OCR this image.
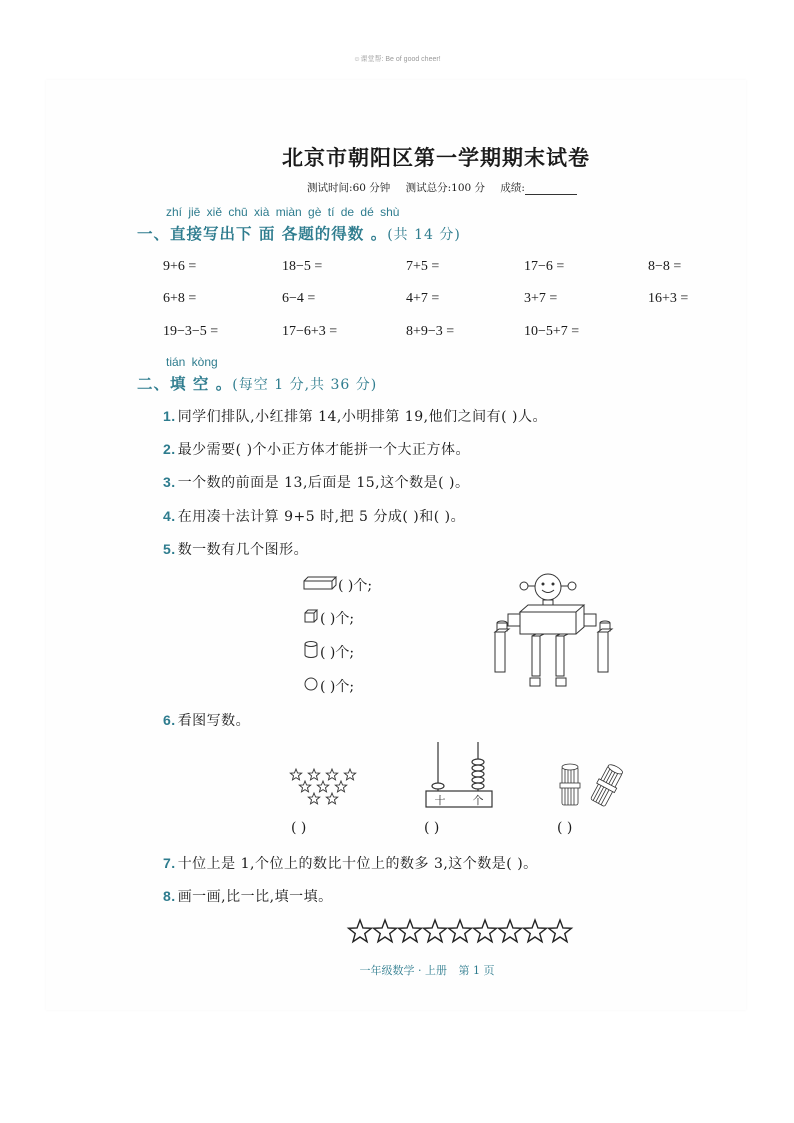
☺课堂帮: Be of good cheer!
北京市朝阳区第一学期期末试卷
测试时间:60 分钟 测试总分:100 分 成绩:
zhí jiē xiě chū xià miàn gè tí de dé shù
一、直接写出下 面 各题的得数 。(共 14 分)
9+6 =	18−5 =	7+5 =	17−6 =	8−8 =
6+8 =	6−4 =	4+7 =	3+7 =	16+3 =
19−3−5 =	17−6+3 =	8+9−3 =	10−5+7 =
tián kòng
二、填 空 。(每空 1 分,共 36 分)
1. 同学们排队,小红排第 14,小明排第 19,他们之间有( )人。
2. 最少需要( )个小正方体才能拼一个大正方体。
3. 一个数的前面是 13,后面是 15,这个数是( )。
4. 在用凑十法计算 9+5 时,把 5 分成( )和( )。
5. 数一数有几个图形。
( )个;
( )个;
( )个;
( )个;
6. 看图写数。
十 个
( )	( )	( )
7. 十位上是 1,个位上的数比十位上的数多 3,这个数是( )。
8. 画一画,比一比,填一填。
一年级数学 · 上册 第 1 页
